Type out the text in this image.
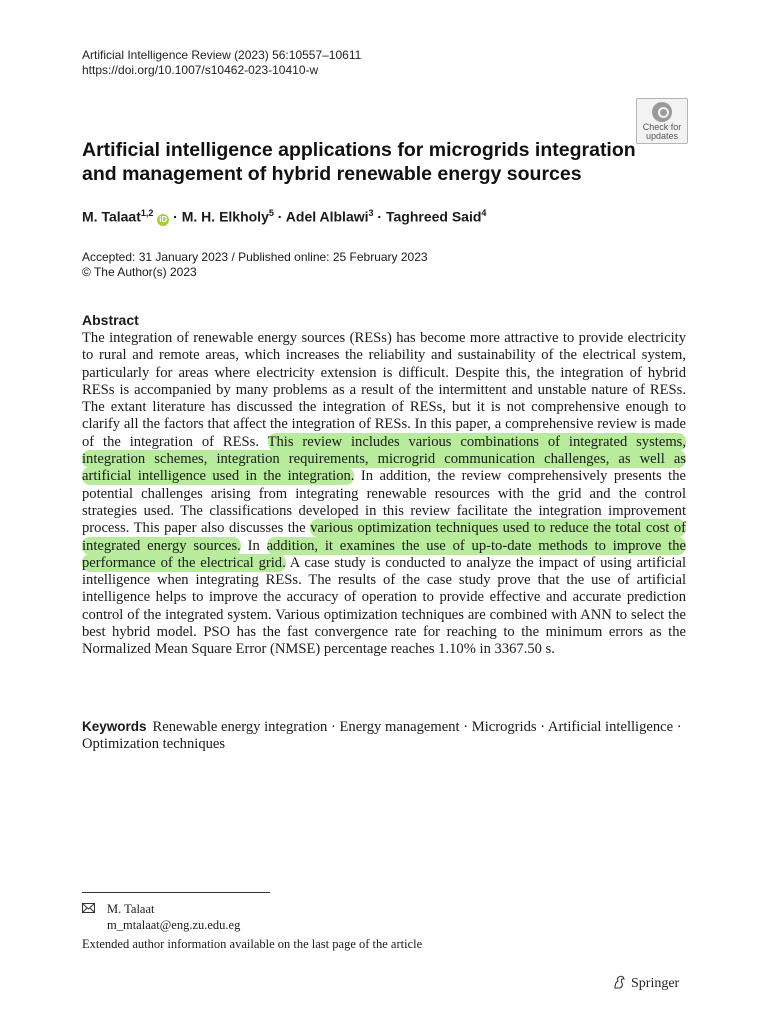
Artificial Intelligence Review (2023) 56:10557–10611
https://doi.org/10.1007/s10462-023-10410-w
Check for
updates
Artificial intelligence applications for microgrids integration and management of hybrid renewable energy sources
M. Talaat$^{1,2}$ iD · M. H. Elkholy$^5$ · Adel Alblawi$^3$ · Taghreed Said$^4$
Accepted: 31 January 2023 / Published online: 25 February 2023
© The Author(s) 2023
Abstract
The integration of renewable energy sources (RESs) has become more attractive to provide electricity to rural and remote areas, which increases the reliability and sustainability of the electrical system, particularly for areas where electricity extension is difficult. Despite this, the integration of hybrid RESs is accompanied by many problems as a result of the intermittent and unstable nature of RESs. The extant literature has discussed the integration of RESs, but it is not comprehensive enough to clarify all the factors that affect the integration of RESs. In this paper, a comprehensive review is made of the integration of RESs. This review includes various combinations of integrated systems, integration schemes, integration requirements, microgrid communication challenges, as well as artificial intelligence used in the integration. In addition, the review comprehensively presents the potential challenges arising from integrating renewable resources with the grid and the control strategies used. The classifications developed in this review facilitate the integration improvement process. This paper also discusses the various optimization techniques used to reduce the total cost of integrated energy sources. In addition, it examines the use of up-to-date methods to improve the performance of the electrical grid. A case study is conducted to analyze the impact of using artificial intelligence when integrating RESs. The results of the case study prove that the use of artificial intelligence helps to improve the accuracy of operation to provide effective and accurate prediction control of the integrated system. Various optimization techniques are combined with ANN to select the best hybrid model. PSO has the fast convergence rate for reaching to the minimum errors as the Normalized Mean Square Error (NMSE) percentage reaches 1.10% in 3367.50 s.
Keywords Renewable energy integration · Energy management · Microgrids · Artificial intelligence · Optimization techniques
M. Talaat
m_mtalaat@eng.zu.edu.eg
Extended author information available on the last page of the article
Springer
